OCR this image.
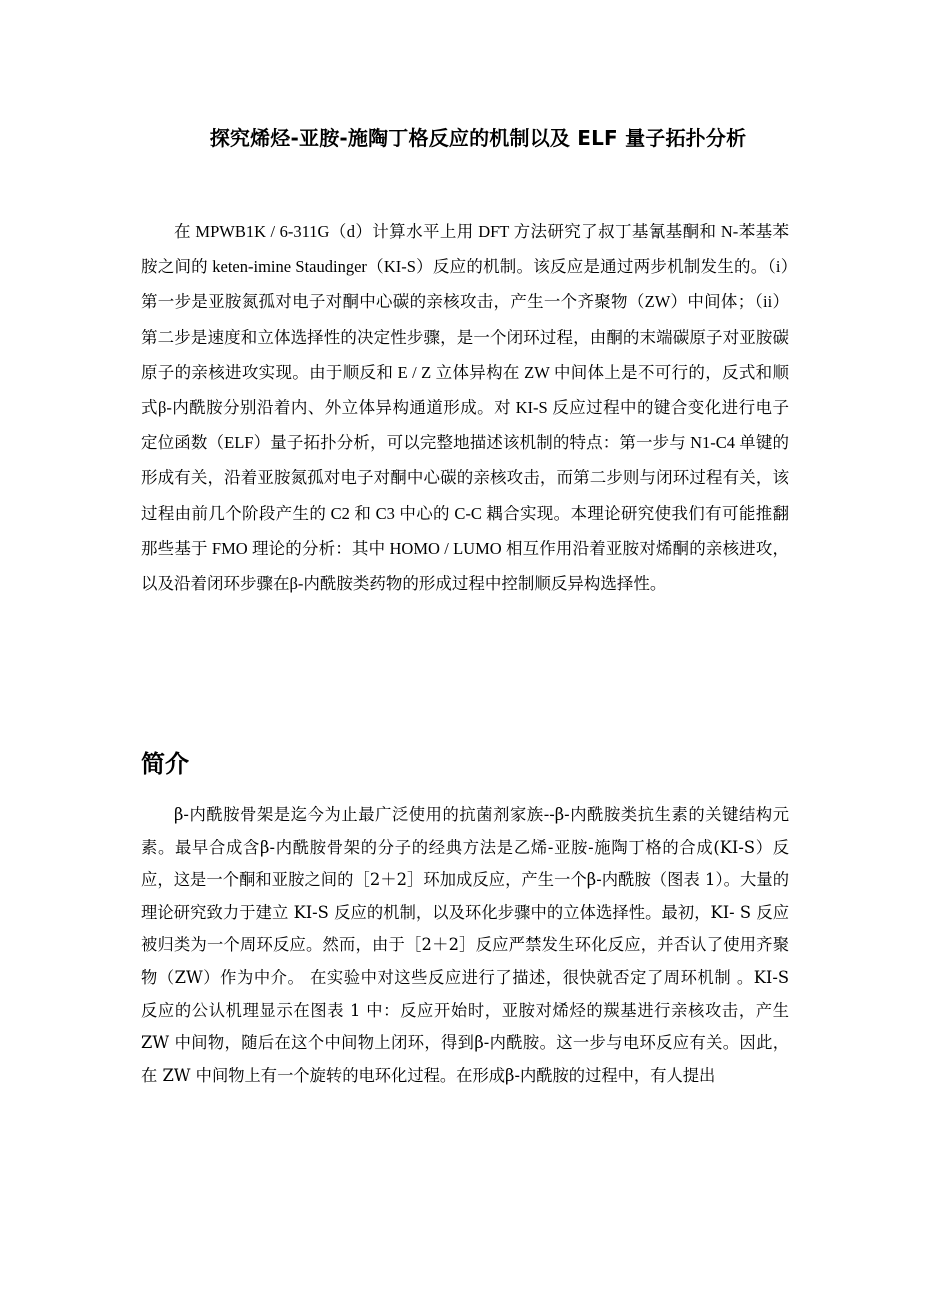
探究烯烃-亚胺-施陶丁格反应的机制以及 ELF 量子拓扑分析

在 MPWB1K / 6-311G（d）计算水平上用 DFT 方法研究了叔丁基氰基酮和 N-苯基苯胺之间的 keten-imine Staudinger（KI-S）反应的机制。该反应是通过两步机制发生的。（i）第一步是亚胺氮孤对电子对酮中心碳的亲核攻击，产生一个齐聚物（ZW）中间体；（ii）第二步是速度和立体选择性的决定性步骤，是一个闭环过程，由酮的末端碳原子对亚胺碳原子的亲核进攻实现。由于顺反和 E / Z 立体异构在 ZW 中间体上是不可行的，反式和顺式β-内酰胺分别沿着内、外立体异构通道形成。对 KI-S 反应过程中的键合变化进行电子定位函数（ELF）量子拓扑分析，可以完整地描述该机制的特点：第一步与 N1-C4 单键的形成有关，沿着亚胺氮孤对电子对酮中心碳的亲核攻击，而第二步则与闭环过程有关，该过程由前几个阶段产生的 C2 和 C3 中心的 C-C 耦合实现。本理论研究使我们有可能推翻那些基于 FMO 理论的分析：其中 HOMO / LUMO 相互作用沿着亚胺对烯酮的亲核进攻，以及沿着闭环步骤在β-内酰胺类药物的形成过程中控制顺反异构选择性。

简介

β-内酰胺骨架是迄今为止最广泛使用的抗菌剂家族--β-内酰胺类抗生素的关键结构元素。最早合成含β-内酰胺骨架的分子的经典方法是乙烯-亚胺-施陶丁格的合成(KI-S）反应，这是一个酮和亚胺之间的［2＋2］环加成反应，产生一个β-内酰胺（图表 1）。大量的理论研究致力于建立 KI-S 反应的机制，以及环化步骤中的立体选择性。最初，KI- S 反应被归类为一个周环反应。然而，由于［2＋2］反应严禁发生环化反应，并否认了使用齐聚物（ZW）作为中介。 在实验中对这些反应进行了描述，很快就否定了周环机制 。KI-S 反应的公认机理显示在图表 1 中：反应开始时，亚胺对烯烃的羰基进行亲核攻击，产生 ZW 中间物，随后在这个中间物上闭环，得到β-内酰胺。这一步与电环反应有关。因此，在 ZW 中间物上有一个旋转的电环化过程。在形成β-内酰胺的过程中，有人提出
